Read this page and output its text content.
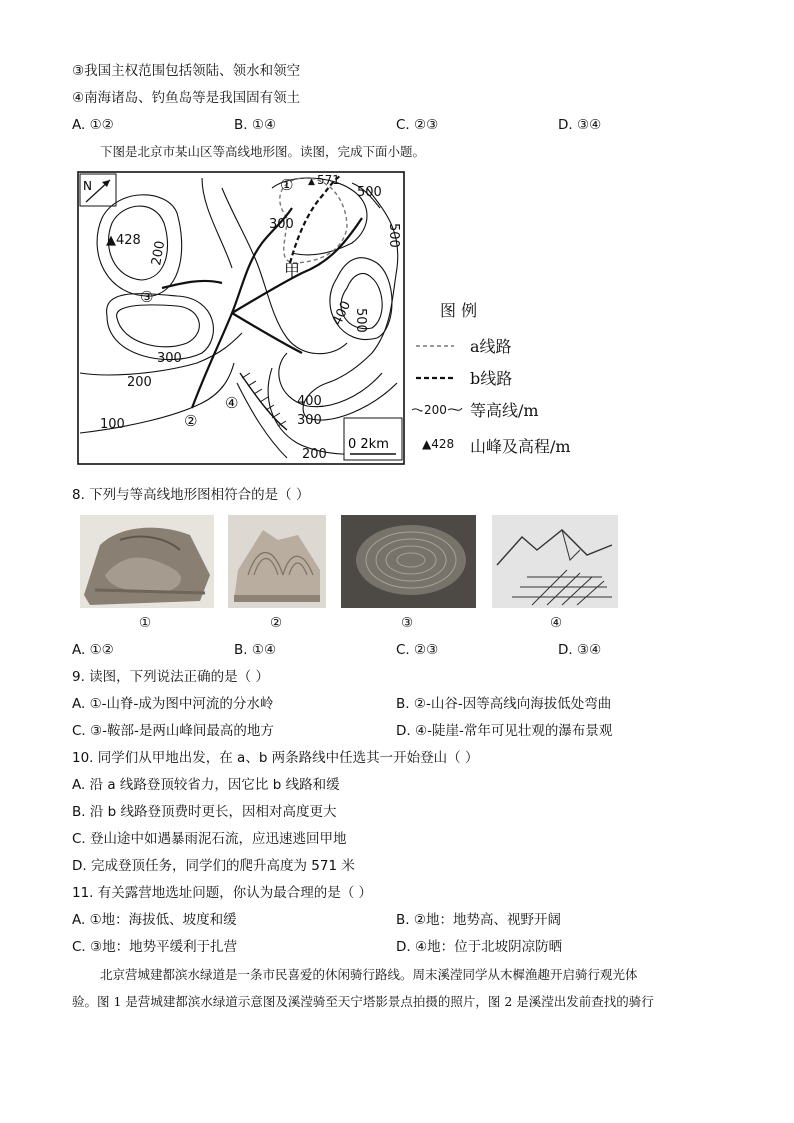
③我国主权范围包括领陆、领水和领空
④南海诸岛、钓鱼岛等是我国固有领土
A. ①②	B. ①④	C. ②③	D. ③④
下图是北京市某山区等高线地形图。读图，完成下面小题。
N
▲428
571
▲
甲
100
200
200
300
300
300
400
400
500
500
500
200
①
②
③
④
0 2km
图 例
a线路
b线路
200 等高线/m
▲428 山峰及高程/m
8. 下列与等高线地形图相符合的是（ ）
①	②	③	④
A. ①②	B. ①④	C. ②③	D. ③④
9. 读图，下列说法正确的是（ ）
A. ①-山脊-成为图中河流的分水岭	B. ②-山谷-因等高线向海拔低处弯曲
C. ③-鞍部-是两山峰间最高的地方	D. ④-陡崖-常年可见壮观的瀑布景观
10. 同学们从甲地出发，在 a、b 两条路线中任选其一开始登山（ ）
A. 沿 a 线路登顶较省力，因它比 b 线路和缓
B. 沿 b 线路登顶费时更长，因相对高度更大
C. 登山途中如遇暴雨泥石流，应迅速逃回甲地
D. 完成登顶任务，同学们的爬升高度为 571 米
11. 有关露营地选址问题，你认为最合理的是（ ）
A. ①地：海拔低、坡度和缓	B. ②地：地势高、视野开阔
C. ③地：地势平缓利于扎营	D. ④地：位于北坡阴凉防晒
北京营城建都滨水绿道是一条市民喜爱的休闲骑行路线。周末溪滢同学从木樨渔趣开启骑行观光体
验。图 1 是营城建都滨水绿道示意图及溪滢骑至天宁塔影景点拍摄的照片，图 2 是溪滢出发前查找的骑行
